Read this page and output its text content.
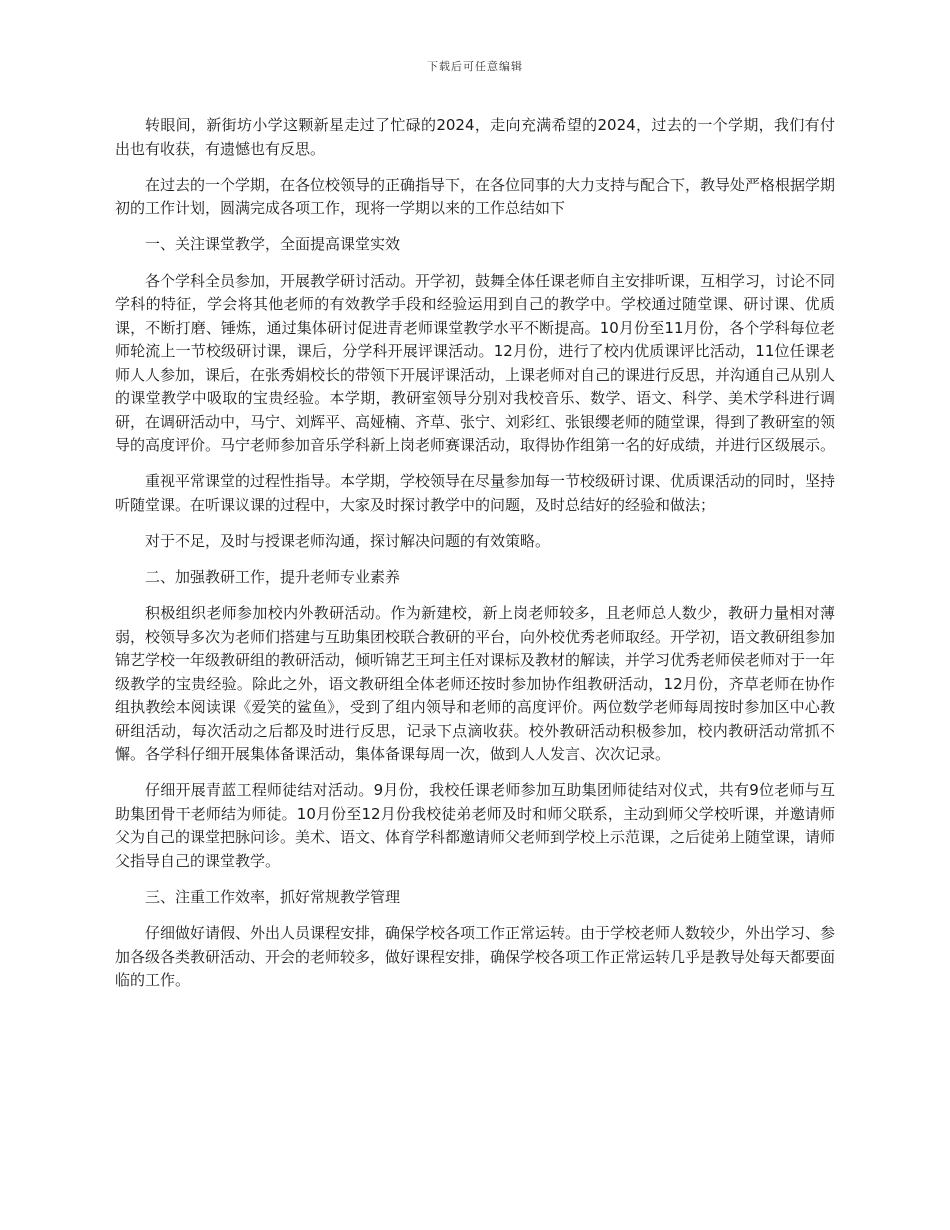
下载后可任意编辑

转眼间，新街坊小学这颗新星走过了忙碌的2024，走向充满希望的2024，过去的一个学期，我们有付出也有收获，有遗憾也有反思。

在过去的一个学期，在各位校领导的正确指导下，在各位同事的大力支持与配合下，教导处严格根据学期初的工作计划，圆满完成各项工作，现将一学期以来的工作总结如下

一、关注课堂教学，全面提高课堂实效

各个学科全员参加，开展教学研讨活动。开学初，鼓舞全体任课老师自主安排听课，互相学习，讨论不同学科的特征，学会将其他老师的有效教学手段和经验运用到自己的教学中。学校通过随堂课、研讨课、优质课，不断打磨、锤炼，通过集体研讨促进青老师课堂教学水平不断提高。10月份至11月份，各个学科每位老师轮流上一节校级研讨课，课后，分学科开展评课活动。12月份，进行了校内优质课评比活动，11位任课老师人人参加，课后，在张秀娟校长的带领下开展评课活动，上课老师对自己的课进行反思，并沟通自己从别人的课堂教学中吸取的宝贵经验。本学期，教研室领导分别对我校音乐、数学、语文、科学、美术学科进行调研，在调研活动中，马宁、刘辉平、高娅楠、齐草、张宁、刘彩红、张银缨老师的随堂课，得到了教研室的领导的高度评价。马宁老师参加音乐学科新上岗老师赛课活动，取得协作组第一名的好成绩，并进行区级展示。

重视平常课堂的过程性指导。本学期，学校领导在尽量参加每一节校级研讨课、优质课活动的同时，坚持听随堂课。在听课议课的过程中，大家及时探讨教学中的问题，及时总结好的经验和做法；

对于不足，及时与授课老师沟通，探讨解决问题的有效策略。

二、加强教研工作，提升老师专业素养

积极组织老师参加校内外教研活动。作为新建校，新上岗老师较多，且老师总人数少，教研力量相对薄弱，校领导多次为老师们搭建与互助集团校联合教研的平台，向外校优秀老师取经。开学初，语文教研组参加锦艺学校一年级教研组的教研活动，倾听锦艺王珂主任对课标及教材的解读，并学习优秀老师侯老师对于一年级教学的宝贵经验。除此之外，语文教研组全体老师还按时参加协作组教研活动，12月份，齐草老师在协作组执教绘本阅读课《爱笑的鲨鱼》，受到了组内领导和老师的高度评价。两位数学老师每周按时参加区中心教研组活动，每次活动之后都及时进行反思，记录下点滴收获。校外教研活动积极参加，校内教研活动常抓不懈。各学科仔细开展集体备课活动，集体备课每周一次，做到人人发言、次次记录。

仔细开展青蓝工程师徒结对活动。9月份，我校任课老师参加互助集团师徒结对仪式，共有9位老师与互助集团骨干老师结为师徒。10月份至12月份我校徒弟老师及时和师父联系，主动到师父学校听课，并邀请师父为自己的课堂把脉问诊。美术、语文、体育学科都邀请师父老师到学校上示范课，之后徒弟上随堂课，请师父指导自己的课堂教学。

三、注重工作效率，抓好常规教学管理

仔细做好请假、外出人员课程安排，确保学校各项工作正常运转。由于学校老师人数较少，外出学习、参加各级各类教研活动、开会的老师较多，做好课程安排，确保学校各项工作正常运转几乎是教导处每天都要面临的工作。
